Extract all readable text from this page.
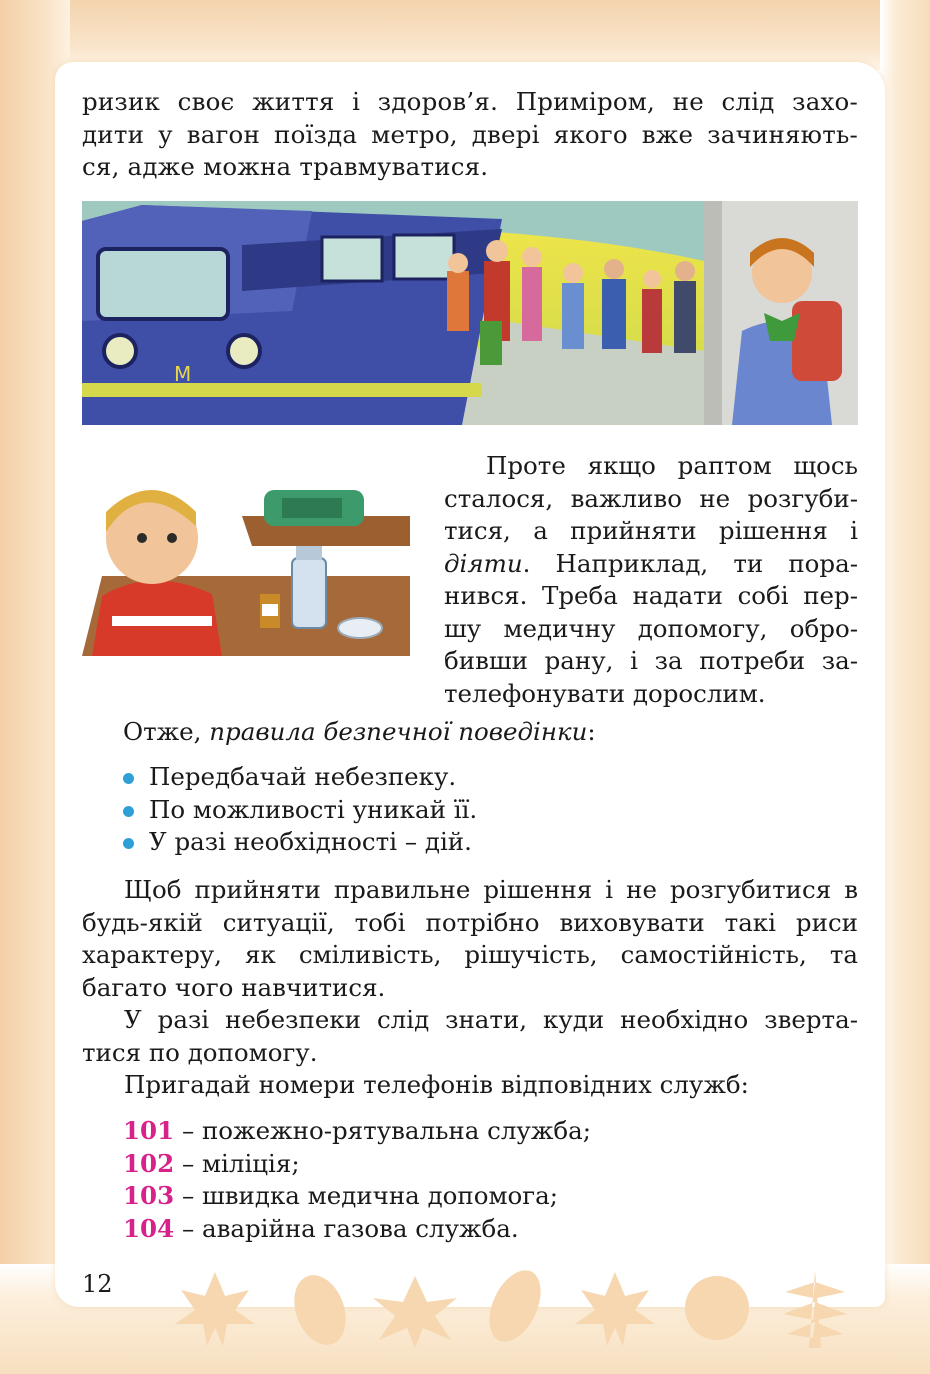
ризик своє життя і здоров’я. Приміром, не слід захо-
дити у вагон поїзда метро, двері якого вже зачиняють-
ся, адже можна травмуватися.
M
Проте якщо раптом щось
сталося, важливо не розгуби-
тися, а прийняти рішення і
діяти. Наприклад, ти пора-
нився. Треба надати собі пер-
шу медичну допомогу, обро-
бивши рану, і за потреби за-
телефонувати дорослим.
Отже, правила безпечної поведінки:
Передбачай небезпеку.
По можливості уникай її.
У разі необхідності – дій.
Щоб прийняти правильне рішення і не розгубитися в
будь-якій ситуації, тобі потрібно виховувати такі риси
характеру, як сміливість, рішучість, самостійність, та
багато чого навчитися.
У разі небезпеки слід знати, куди необхідно зверта-
тися по допомогу.
Пригадай номери телефонів відповідних служб:
101 – пожежно-рятувальна служба;
102 – міліція;
103 – швидка медична допомога;
104 – аварійна газова служба.
12
